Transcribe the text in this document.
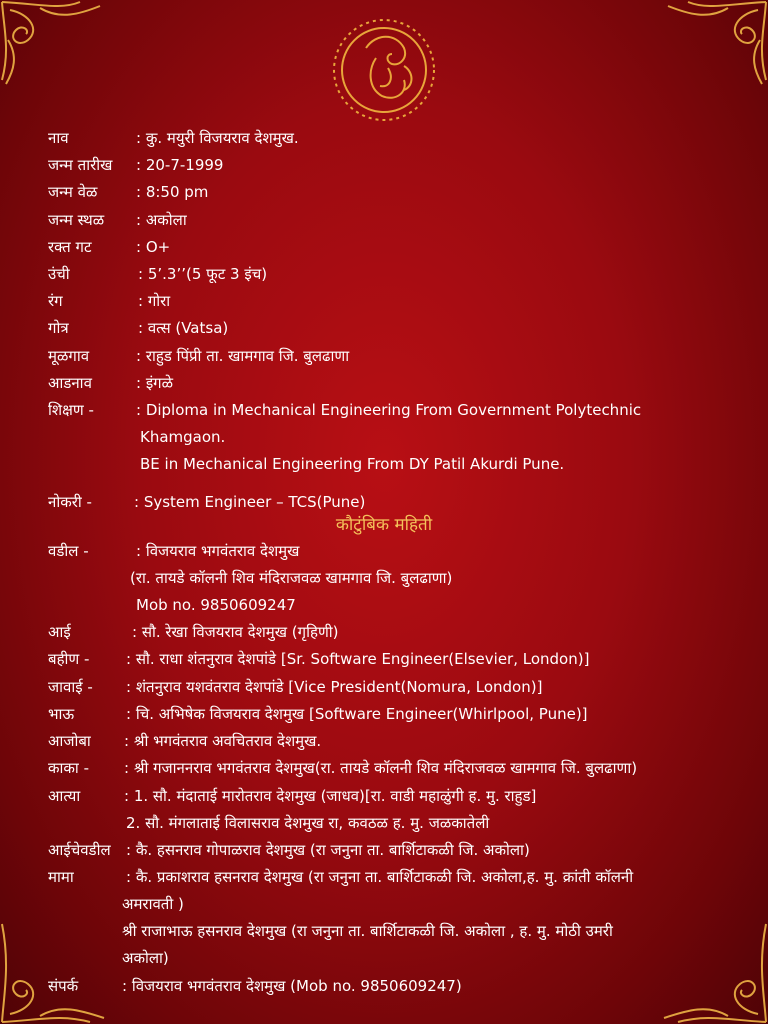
नाव	: कु. मयुरी विजयराव देशमुख.
जन्म तारीख : 20-7-1999
जन्म वेळ	: 8:50 pm
जन्म स्थळ : अकोला
रक्त गट	: O+
उंची	: 5’.3’’(5 फूट 3 इंच)
रंग	: गोरा
गोत्र	: वत्स (Vatsa)
मूळगाव	: राहुड पिंप्री ता. खामगाव जि. बुलढाणा
आडनाव	: इंगळे
शिक्षण -	: Diploma in Mechanical Engineering From Government Polytechnic
Khamgaon.
BE in Mechanical Engineering From DY Patil Akurdi Pune.
नोकरी -	: System Engineer – TCS(Pune)
वडील -	: विजयराव भगवंतराव देशमुख
(रा. तायडे कॉलनी शिव मंदिराजवळ खामगाव जि. बुलढाणा)
Mob no. 9850609247
आई	: सौ. रेखा विजयराव देशमुख (गृहिणी)
बहीण - : सौ. राधा शंतनुराव देशपांडे [Sr. Software Engineer(Elsevier, London)]
जावाई - : शंतनुराव यशवंतराव देशपांडे [Vice President(Nomura, London)]
भाऊ	: चि. अभिषेक विजयराव देशमुख [Software Engineer(Whirlpool, Pune)]
आजोबा : श्री भगवंतराव अवचितराव देशमुख.
काका - : श्री गजाननराव भगवंतराव देशमुख(रा. तायडे कॉलनी शिव मंदिराजवळ खामगाव जि. बुलढाणा)
आत्या	: 1. सौ. मंदाताई मारोतराव देशमुख (जाधव)[रा. वाडी महाळुंगी ह. मु. राहुड]
2. सौ. मंगलाताई विलासराव देशमुख रा, कवठळ ह. मु. जळकातेली
आईचेवडील : कै. हसनराव गोपाळराव देशमुख (रा जनुना ता. बार्शिटाकळी जि. अकोला)
मामा	: कै. प्रकाशराव हसनराव देशमुख (रा जनुना ता. बार्शिटाकळी जि. अकोला,ह. मु. क्रांती कॉलनी
अमरावती )
श्री राजाभाऊ हसनराव देशमुख (रा जनुना ता. बार्शिटाकळी जि. अकोला , ह. मु. मोठी उमरी
अकोला)
संपर्क	: विजयराव भगवंतराव देशमुख (Mob no. 9850609247)
कौटुंबिक महिती
